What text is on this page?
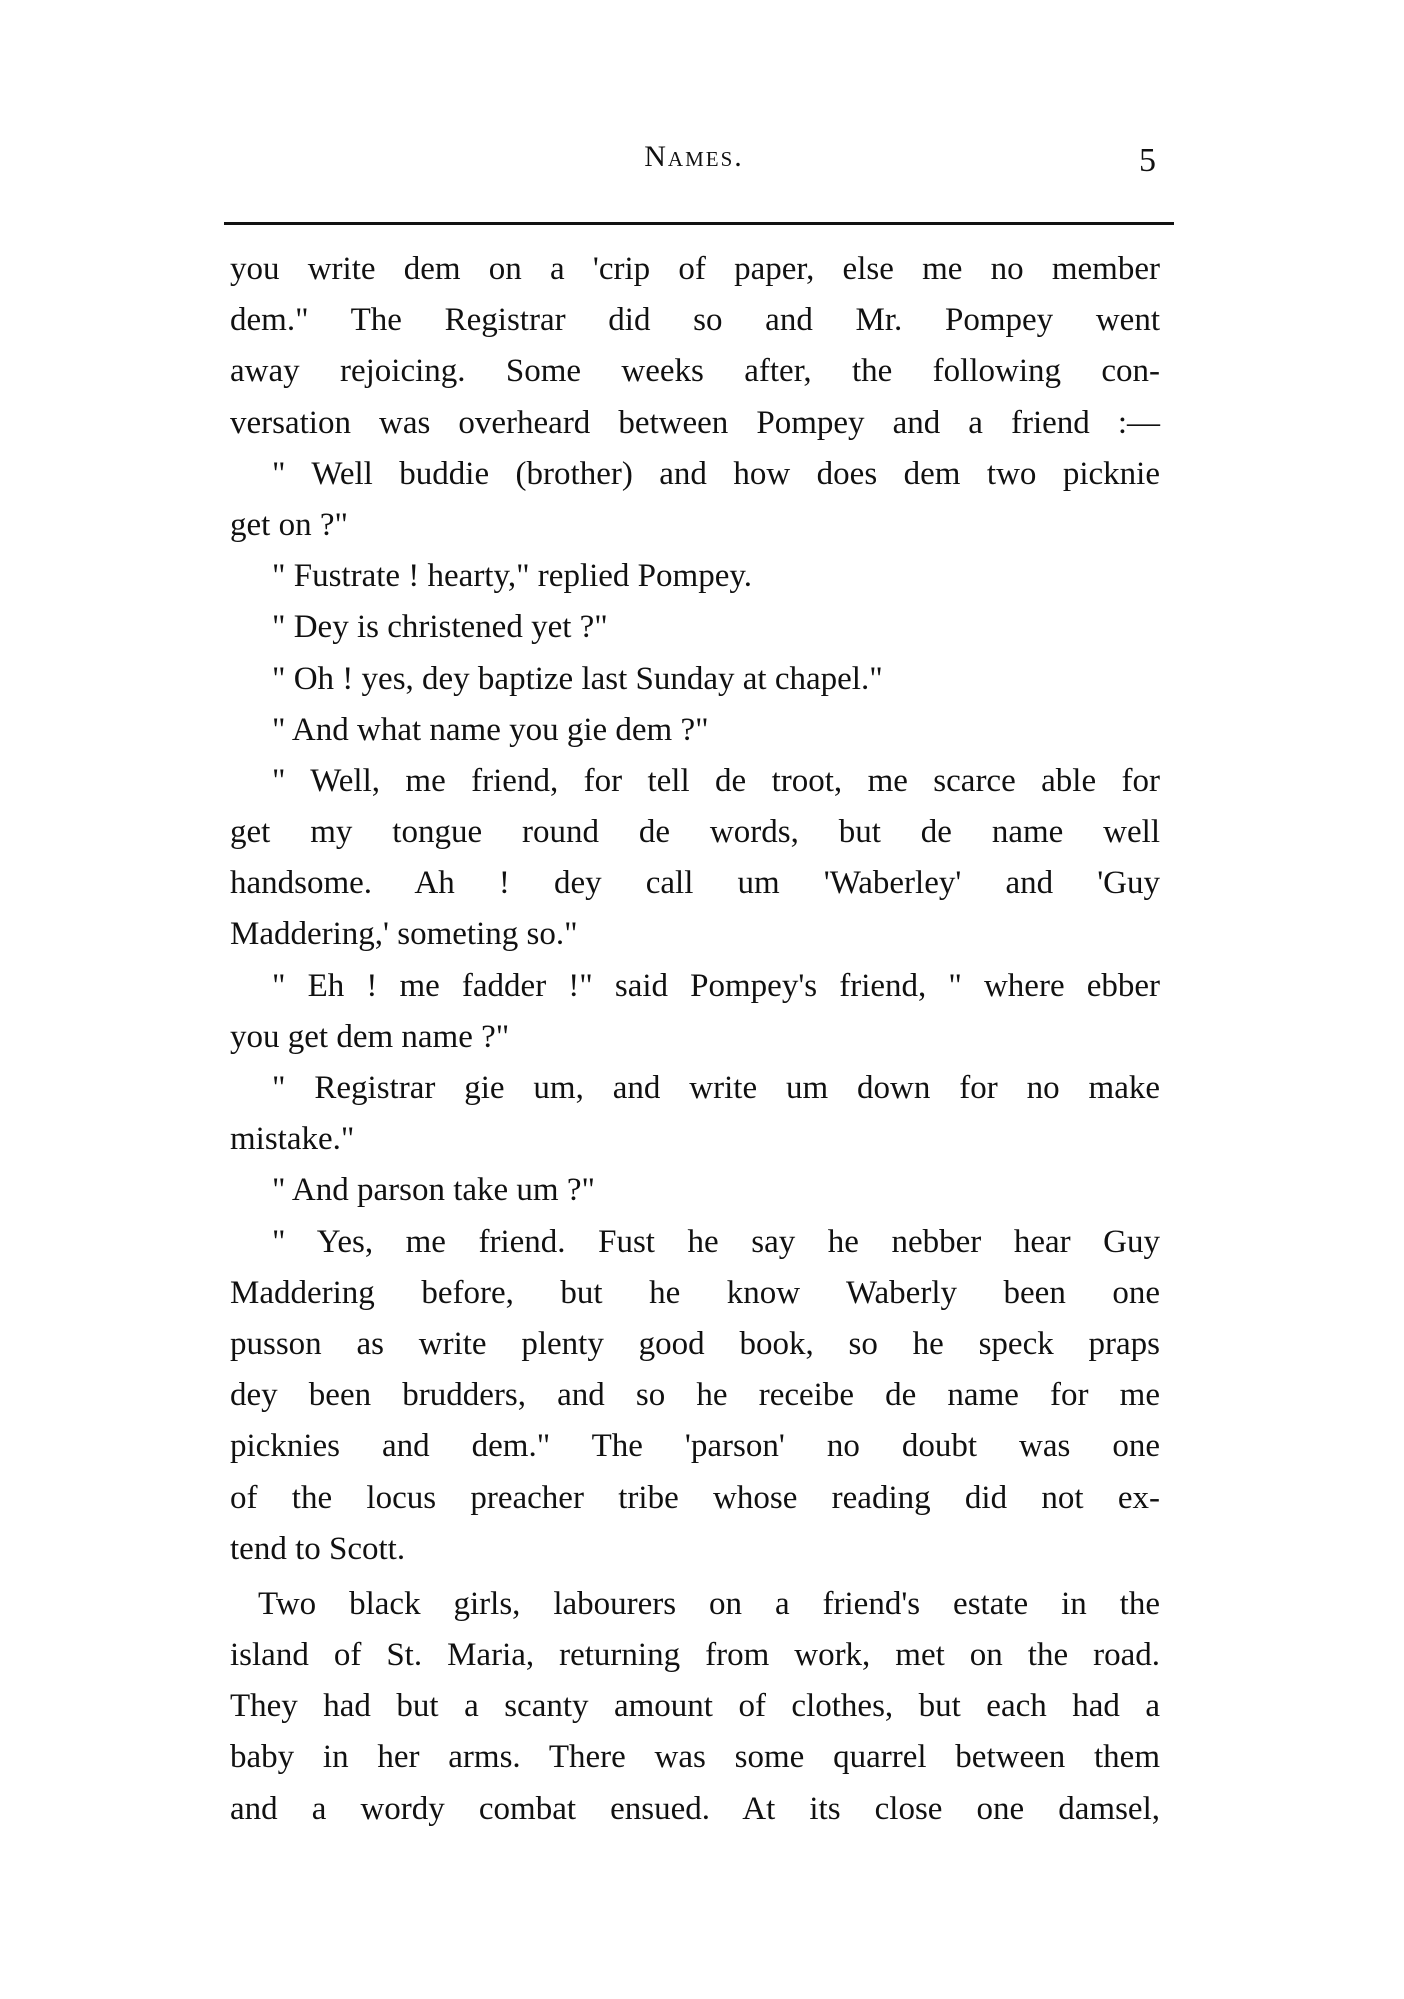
Names.	5
you write dem on a 'crip of paper, else me no member
dem." The Registrar did so and Mr. Pompey went
away rejoicing. Some weeks after, the following con-
versation was overheard between Pompey and a friend :—
" Well buddie (brother) and how does dem two picknie
get on ?"
" Fustrate ! hearty," replied Pompey.
" Dey is christened yet ?"
" Oh ! yes, dey baptize last Sunday at chapel."
" And what name you gie dem ?"
" Well, me friend, for tell de troot, me scarce able for
get my tongue round de words, but de name well
handsome. Ah ! dey call um 'Waberley' and 'Guy
Maddering,' someting so."
" Eh ! me fadder !" said Pompey's friend, " where ebber
you get dem name ?"
" Registrar gie um, and write um down for no make
mistake."
" And parson take um ?"
" Yes, me friend. Fust he say he nebber hear Guy
Maddering before, but he know Waberly been one
pusson as write plenty good book, so he speck praps
dey been brudders, and so he receibe de name for me
picknies and dem." The 'parson' no doubt was one
of the locus preacher tribe whose reading did not ex-
tend to Scott.
Two black girls, labourers on a friend's estate in the
island of St. Maria, returning from work, met on the road.
They had but a scanty amount of clothes, but each had a
baby in her arms. There was some quarrel between them
and a wordy combat ensued. At its close one damsel,
